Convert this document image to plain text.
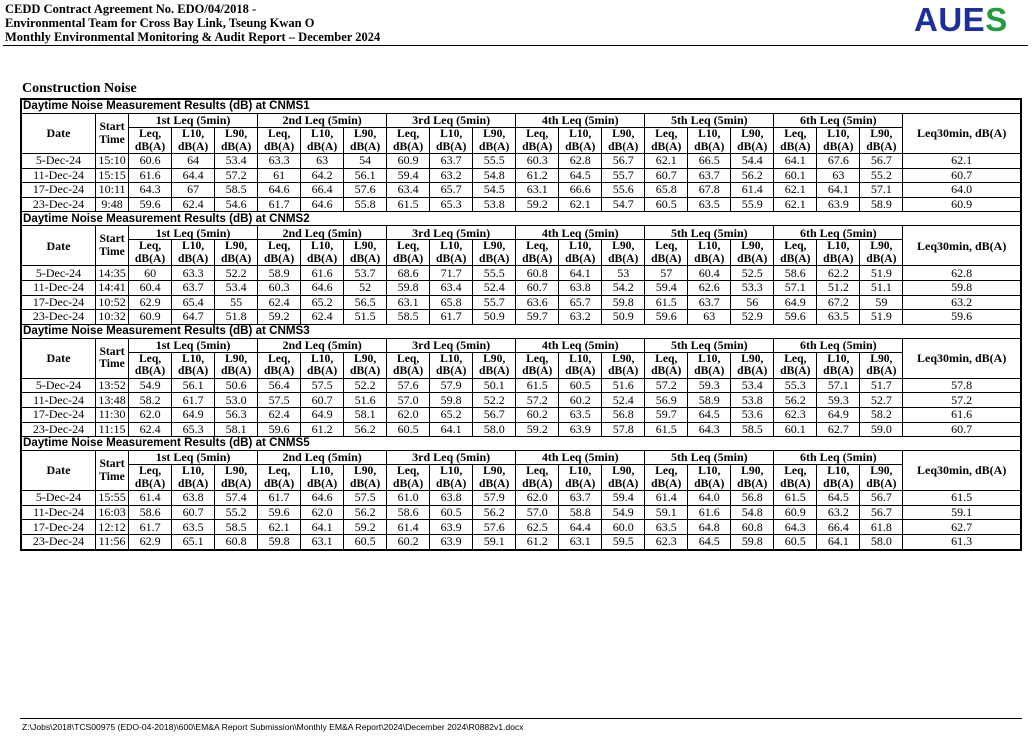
CEDD Contract Agreement No. EDO/04/2018 -
Environmental Team for Cross Bay Link, Tseung Kwan O
Monthly Environmental Monitoring & Audit Report – December 2024	AUES
Construction Noise
Daytime Noise Measurement Results (dB) at CNMS1																				
Date	Start Time	1st Leq (5min)			2nd Leq (5min)			3rd Leq (5min)			4th Leq (5min)			5th Leq (5min)			6th Leq (5min)			Leq30min, dB(A)
		Leq, dB(A)	L10, dB(A)	L90, dB(A)	Leq, dB(A)	L10, dB(A)	L90, dB(A)	Leq, dB(A)	L10, dB(A)	L90, dB(A)	Leq, dB(A)	L10, dB(A)	L90, dB(A)	Leq, dB(A)	L10, dB(A)	L90, dB(A)	Leq, dB(A)	L10, dB(A)	L90, dB(A)	
5-Dec-24	15:10	60.6	64	53.4	63.3	63	54	60.9	63.7	55.5	60.3	62.8	56.7	62.1	66.5	54.4	64.1	67.6	56.7	62.1
11-Dec-24	15:15	61.6	64.4	57.2	61	64.2	56.1	59.4	63.2	54.8	61.2	64.5	55.7	60.7	63.7	56.2	60.1	63	55.2	60.7
17-Dec-24	10:11	64.3	67	58.5	64.6	66.4	57.6	63.4	65.7	54.5	63.1	66.6	55.6	65.8	67.8	61.4	62.1	64.1	57.1	64.0
23-Dec-24	9:48	59.6	62.4	54.6	61.7	64.6	55.8	61.5	65.3	53.8	59.2	62.1	54.7	60.5	63.5	55.9	62.1	63.9	58.9	60.9
Daytime Noise Measurement Results (dB) at CNMS2																				
Date	Start Time	1st Leq (5min)			2nd Leq (5min)			3rd Leq (5min)			4th Leq (5min)			5th Leq (5min)			6th Leq (5min)			Leq30min, dB(A)
		Leq, dB(A)	L10, dB(A)	L90, dB(A)	Leq, dB(A)	L10, dB(A)	L90, dB(A)	Leq, dB(A)	L10, dB(A)	L90, dB(A)	Leq, dB(A)	L10, dB(A)	L90, dB(A)	Leq, dB(A)	L10, dB(A)	L90, dB(A)	Leq, dB(A)	L10, dB(A)	L90, dB(A)	
5-Dec-24	14:35	60	63.3	52.2	58.9	61.6	53.7	68.6	71.7	55.5	60.8	64.1	53	57	60.4	52.5	58.6	62.2	51.9	62.8
11-Dec-24	14:41	60.4	63.7	53.4	60.3	64.6	52	59.8	63.4	52.4	60.7	63.8	54.2	59.4	62.6	53.3	57.1	51.2	51.1	59.8
17-Dec-24	10:52	62.9	65.4	55	62.4	65.2	56.5	63.1	65.8	55.7	63.6	65.7	59.8	61.5	63.7	56	64.9	67.2	59	63.2
23-Dec-24	10:32	60.9	64.7	51.8	59.2	62.4	51.5	58.5	61.7	50.9	59.7	63.2	50.9	59.6	63	52.9	59.6	63.5	51.9	59.6
Daytime Noise Measurement Results (dB) at CNMS3																				
Date	Start Time	1st Leq (5min)			2nd Leq (5min)			3rd Leq (5min)			4th Leq (5min)			5th Leq (5min)			6th Leq (5min)			Leq30min, dB(A)
		Leq, dB(A)	L10, dB(A)	L90, dB(A)	Leq, dB(A)	L10, dB(A)	L90, dB(A)	Leq, dB(A)	L10, dB(A)	L90, dB(A)	Leq, dB(A)	L10, dB(A)	L90, dB(A)	Leq, dB(A)	L10, dB(A)	L90, dB(A)	Leq, dB(A)	L10, dB(A)	L90, dB(A)	
5-Dec-24	13:52	54.9	56.1	50.6	56.4	57.5	52.2	57.6	57.9	50.1	61.5	60.5	51.6	57.2	59.3	53.4	55.3	57.1	51.7	57.8
11-Dec-24	13:48	58.2	61.7	53.0	57.5	60.7	51.6	57.0	59.8	52.2	57.2	60.2	52.4	56.9	58.9	53.8	56.2	59.3	52.7	57.2
17-Dec-24	11:30	62.0	64.9	56.3	62.4	64.9	58.1	62.0	65.2	56.7	60.2	63.5	56.8	59.7	64.5	53.6	62.3	64.9	58.2	61.6
23-Dec-24	11:15	62.4	65.3	58.1	59.6	61.2	56.2	60.5	64.1	58.0	59.2	63.9	57.8	61.5	64.3	58.5	60.1	62.7	59.0	60.7
Daytime Noise Measurement Results (dB) at CNMS5																				
Date	Start Time	1st Leq (5min)			2nd Leq (5min)			3rd Leq (5min)			4th Leq (5min)			5th Leq (5min)			6th Leq (5min)			Leq30min, dB(A)
		Leq, dB(A)	L10, dB(A)	L90, dB(A)	Leq, dB(A)	L10, dB(A)	L90, dB(A)	Leq, dB(A)	L10, dB(A)	L90, dB(A)	Leq, dB(A)	L10, dB(A)	L90, dB(A)	Leq, dB(A)	L10, dB(A)	L90, dB(A)	Leq, dB(A)	L10, dB(A)	L90, dB(A)	
5-Dec-24	15:55	61.4	63.8	57.4	61.7	64.6	57.5	61.0	63.8	57.9	62.0	63.7	59.4	61.4	64.0	56.8	61.5	64.5	56.7	61.5
11-Dec-24	16:03	58.6	60.7	55.2	59.6	62.0	56.2	58.6	60.5	56.2	57.0	58.8	54.9	59.1	61.6	54.8	60.9	63.2	56.7	59.1
17-Dec-24	12:12	61.7	63.5	58.5	62.1	64.1	59.2	61.4	63.9	57.6	62.5	64.4	60.0	63.5	64.8	60.8	64.3	66.4	61.8	62.7
23-Dec-24	11:56	62.9	65.1	60.8	59.8	63.1	60.5	60.2	63.9	59.1	61.2	63.1	59.5	62.3	64.5	59.8	60.5	64.1	58.0	61.3
Z:\Jobs\2018\TCS00975 (EDO-04-2018)\600\EM&A Report Submission\Monthly EM&A Report\2024\December 2024\R0882v1.docx
